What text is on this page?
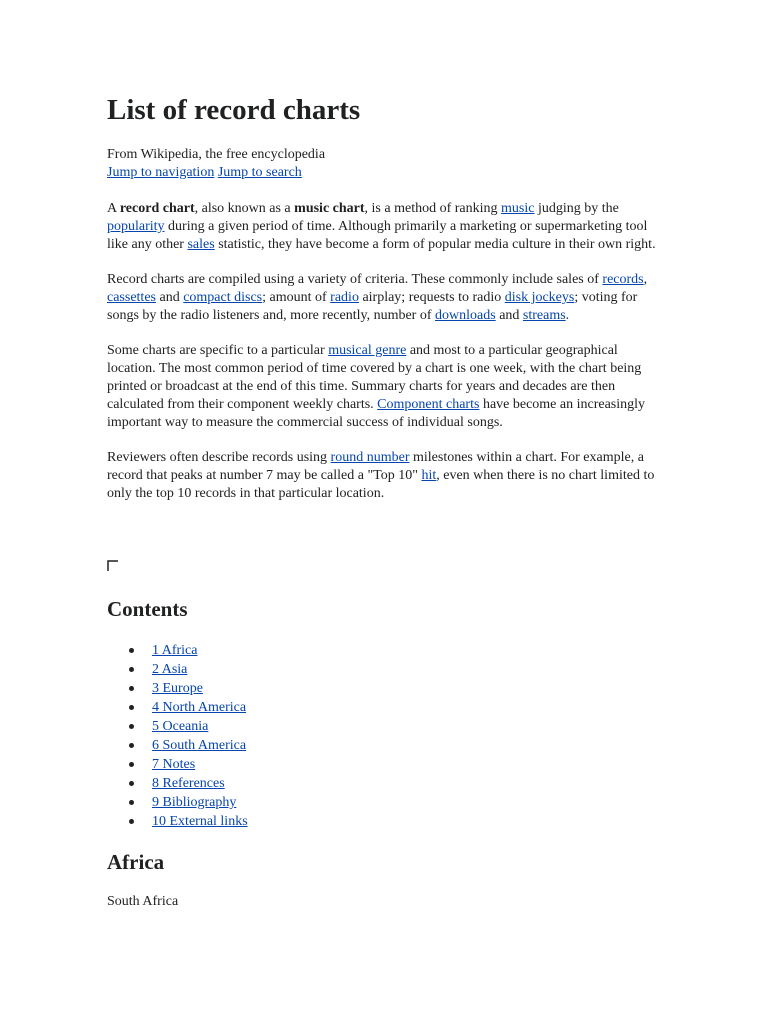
List of record charts
From Wikipedia, the free encyclopedia
Jump to navigation Jump to search

A record chart, also known as a music chart, is a method of ranking music judging by the popularity during a given period of time. Although primarily a marketing or supermarketing tool like any other sales statistic, they have become a form of popular media culture in their own right.

Record charts are compiled using a variety of criteria. These commonly include sales of records, cassettes and compact discs; amount of radio airplay; requests to radio disk jockeys; voting for songs by the radio listeners and, more recently, number of downloads and streams.

Some charts are specific to a particular musical genre and most to a particular geographical location. The most common period of time covered by a chart is one week, with the chart being printed or broadcast at the end of this time. Summary charts for years and decades are then calculated from their component weekly charts. Component charts have become an increasingly important way to measure the commercial success of individual songs.

Reviewers often describe records using round number milestones within a chart. For example, a record that peaks at number 7 may be called a "Top 10" hit, even when there is no chart limited to only the top 10 records in that particular location.

Contents
1 Africa
2 Asia
3 Europe
4 North America
5 Oceania
6 South America
7 Notes
8 References
9 Bibliography
10 External links
Africa
South Africa
